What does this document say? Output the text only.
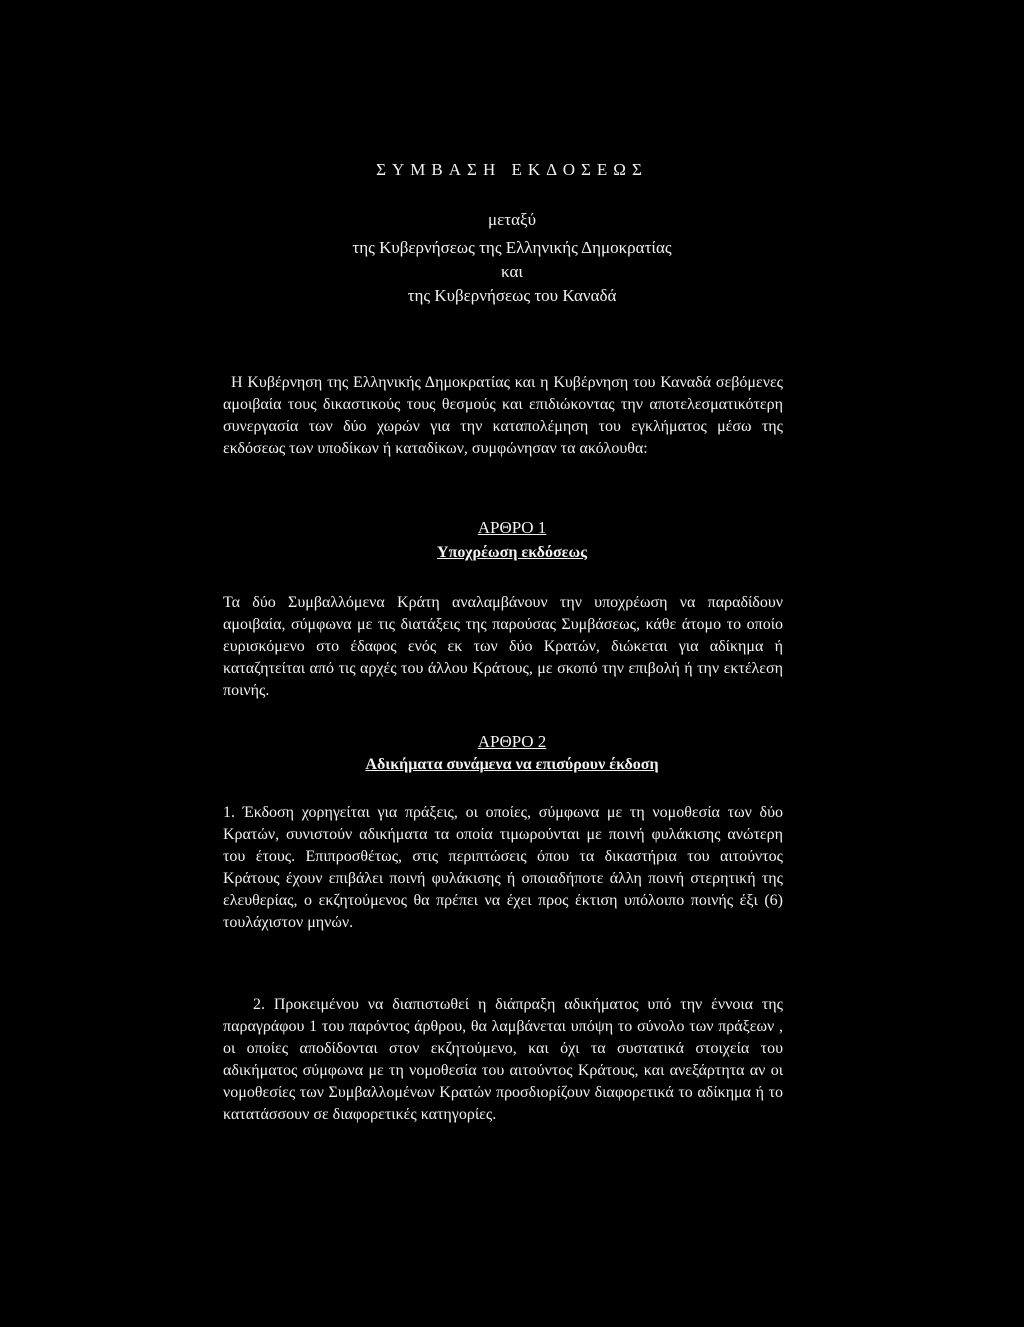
ΣΥΜΒΑΣΗ ΕΚΔΟΣΕΩΣ
μεταξύ
της Κυβερνήσεως της Ελληνικής Δημοκρατίας
και
της Κυβερνήσεως του Καναδά
Η Κυβέρνηση της Ελληνικής Δημοκρατίας και η Κυβέρνηση του Καναδά σεβόμενες αμοιβαία τους δικαστικούς τους θεσμούς και επιδιώκοντας την αποτελεσματικότερη συνεργασία των δύο χωρών για την καταπολέμηση του εγκλήματος μέσω της εκδόσεως των υποδίκων ή καταδίκων, συμφώνησαν τα ακόλουθα:
ΑΡΘΡΟ 1
Υποχρέωση εκδόσεως
Τα δύο Συμβαλλόμενα Κράτη αναλαμβάνουν την υποχρέωση να παραδίδουν αμοιβαία, σύμφωνα με τις διατάξεις της παρούσας Συμβάσεως, κάθε άτομο το οποίο ευρισκόμενο στο έδαφος ενός εκ των δύο Κρατών, διώκεται για αδίκημα ή καταζητείται από τις αρχές του άλλου Κράτους, με σκοπό την επιβολή ή την εκτέλεση ποινής.
ΑΡΘΡΟ 2
Αδικήματα συνάμενα να επισύρουν έκδοση
1. Έκδοση χορηγείται για πράξεις, οι οποίες, σύμφωνα με τη νομοθεσία των δύο Κρατών, συνιστούν αδικήματα τα οποία τιμωρούνται με ποινή φυλάκισης ανώτερη του έτους. Επιπροσθέτως, στις περιπτώσεις όπου τα δικαστήρια του αιτούντος Κράτους έχουν επιβάλει ποινή φυλάκισης ή οποιαδήποτε άλλη ποινή στερητική της ελευθερίας, ο εκζητούμενος θα πρέπει να έχει προς έκτιση υπόλοιπο ποινής έξι (6) τουλάχιστον μηνών.
2. Προκειμένου να διαπιστωθεί η διάπραξη αδικήματος υπό την έννοια της παραγράφου 1 του παρόντος άρθρου, θα λαμβάνεται υπόψη το σύνολο των πράξεων , οι οποίες αποδίδονται στον εκζητούμενο, και όχι τα συστατικά στοιχεία του αδικήματος σύμφωνα με τη νομοθεσία του αιτούντος Κράτους, και ανεξάρτητα αν οι νομοθεσίες των Συμβαλλομένων Κρατών προσδιορίζουν διαφορετικά το αδίκημα ή το κατατάσσουν σε διαφορετικές κατηγορίες.
